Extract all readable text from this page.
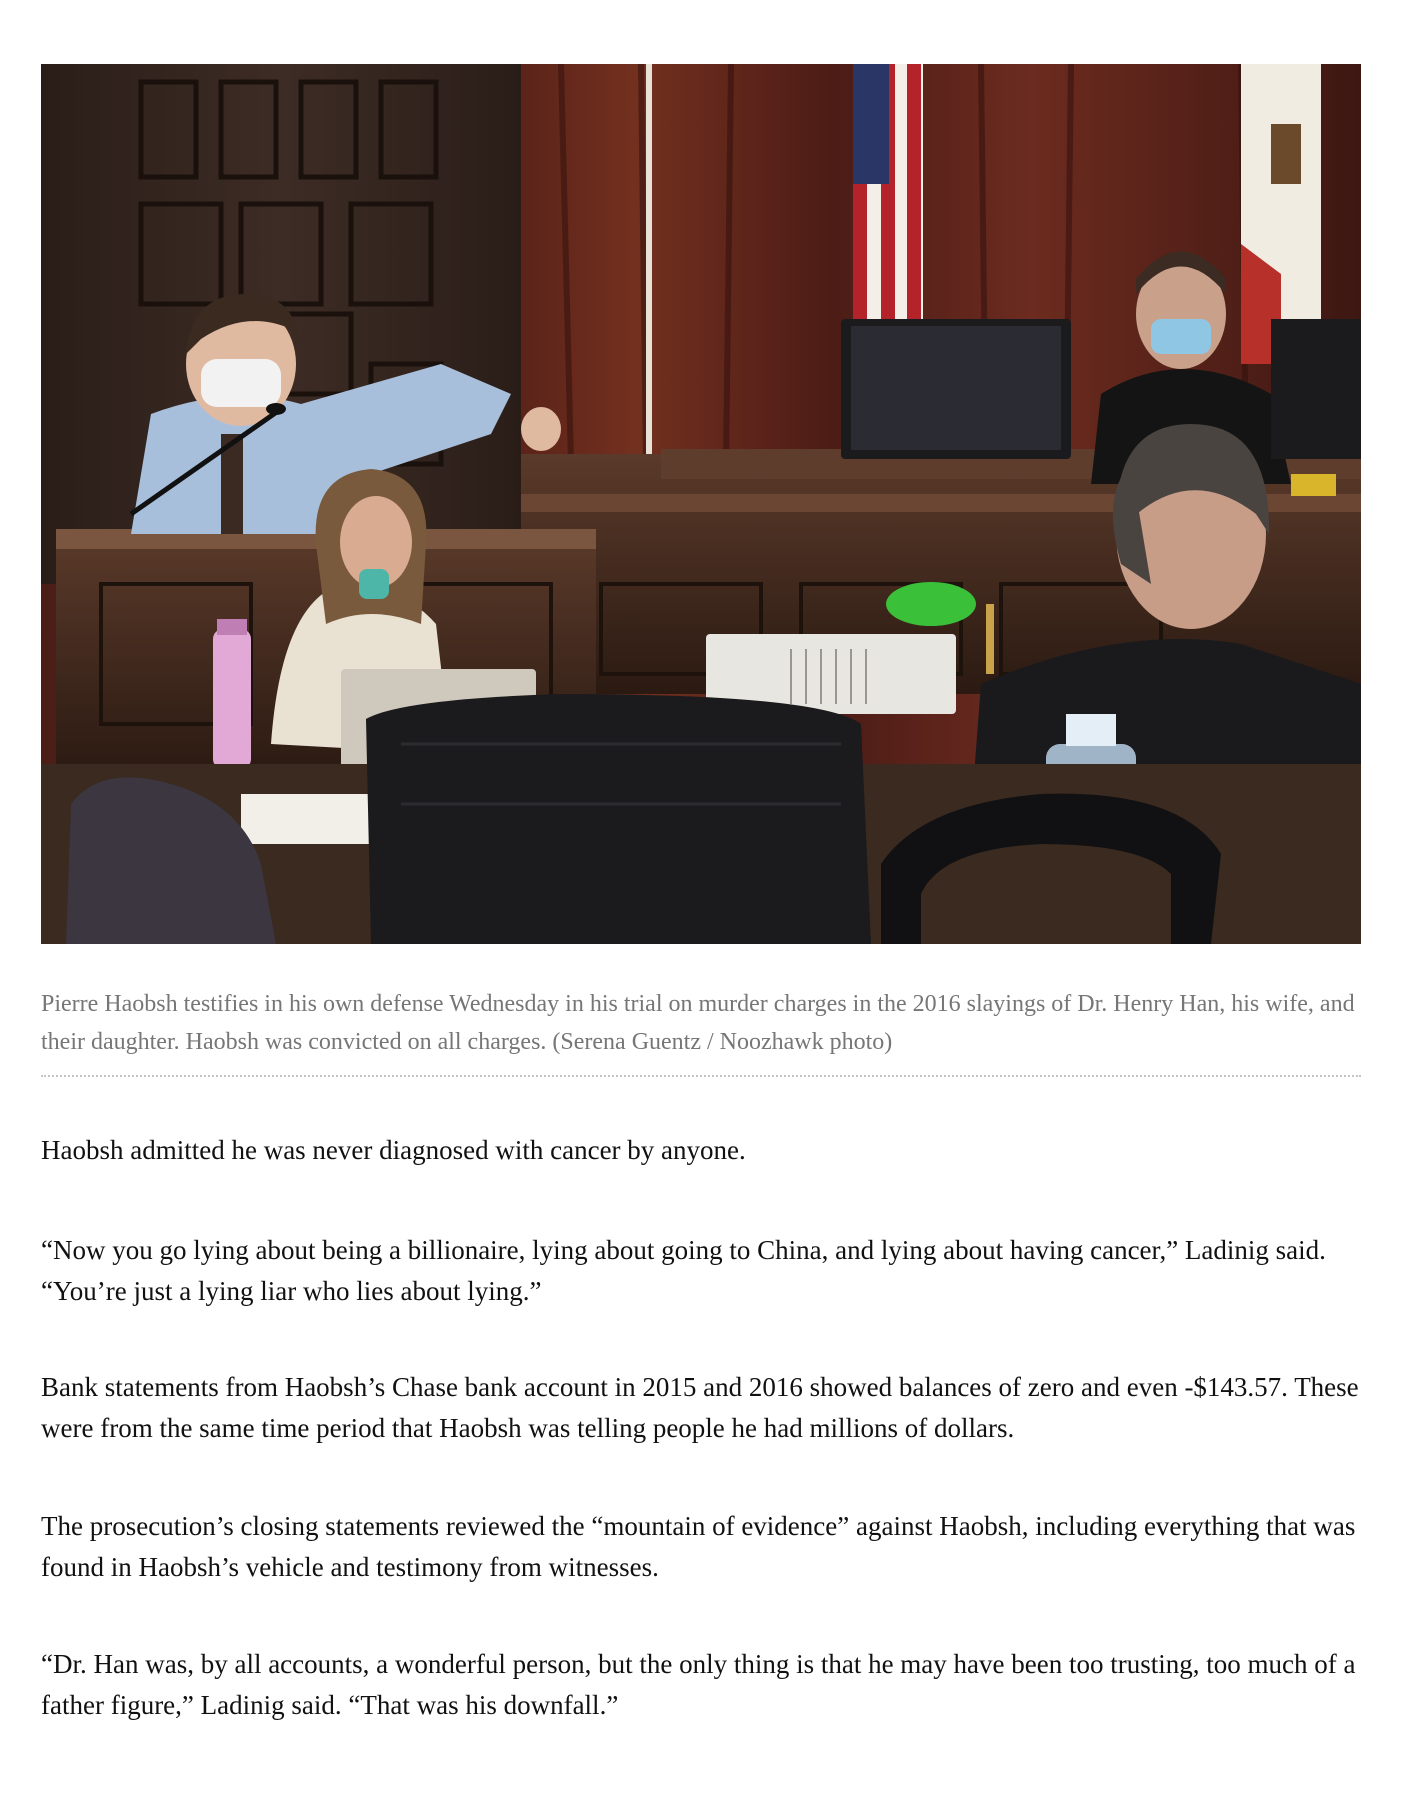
Pierre Haobsh testifies in his own defense Wednesday in his trial on murder charges in the 2016 slayings of Dr. Henry Han, his wife, and their daughter. Haobsh was convicted on all charges. (Serena Guentz / Noozhawk photo)

Haobsh admitted he was never diagnosed with cancer by anyone.

“Now you go lying about being a billionaire, lying about going to China, and lying about having cancer,” Ladinig said. “You’re just a lying liar who lies about lying.”

Bank statements from Haobsh’s Chase bank account in 2015 and 2016 showed balances of zero and even -$143.57. These were from the same time period that Haobsh was telling people he had millions of dollars.

The prosecution’s closing statements reviewed the “mountain of evidence” against Haobsh, including everything that was found in Haobsh’s vehicle and testimony from witnesses.

“Dr. Han was, by all accounts, a wonderful person, but the only thing is that he may have been too trusting, too much of a father figure,” Ladinig said. “That was his downfall.”
